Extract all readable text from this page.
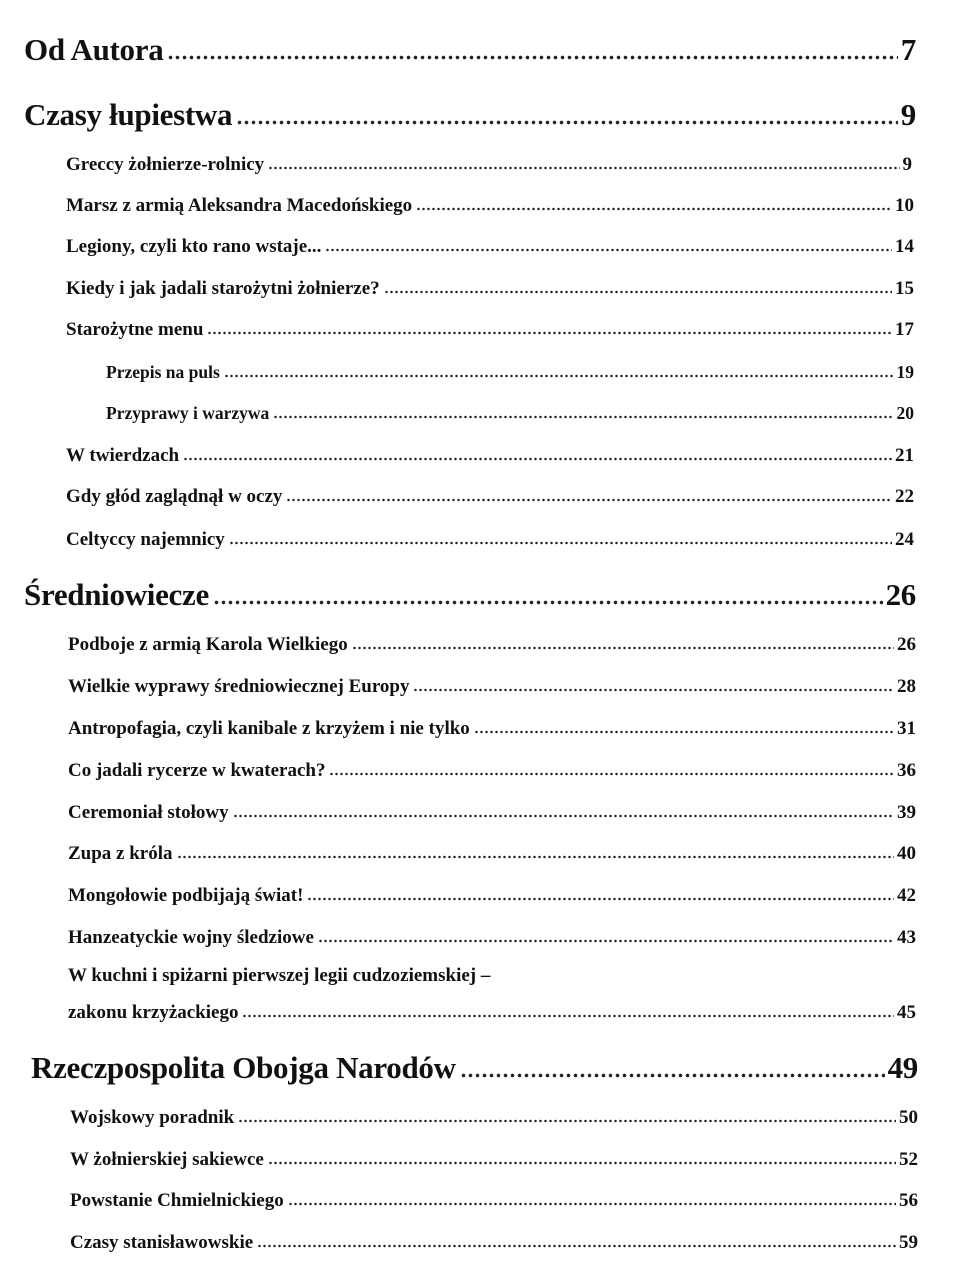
Od Autora	7
Czasy łupiestwa	9
Greccy żołnierze-rolnicy	9
Marsz z armią Aleksandra Macedońskiego	10
Legiony, czyli kto rano wstaje...	14
Kiedy i jak jadali starożytni żołnierze?	15
Starożytne menu	17
Przepis na puls	19
Przyprawy i warzywa	20
W twierdzach	21
Gdy głód zaglądnął w oczy	22
Celtyccy najemnicy	24
Średniowiecze	26
Podboje z armią Karola Wielkiego	26
Wielkie wyprawy średniowiecznej Europy	28
Antropofagia, czyli kanibale z krzyżem i nie tylko	31
Co jadali rycerze w kwaterach?	36
Ceremoniał stołowy	39
Zupa z króla	40
Mongołowie podbijają świat!	42
Hanzeatyckie wojny śledziowe	43
W kuchni i spiżarni pierwszej legii cudzoziemskiej –
zakonu krzyżackiego	45
Rzeczpospolita Obojga Narodów	49
Wojskowy poradnik	50
W żołnierskiej sakiewce	52
Powstanie Chmielnickiego	56
Czasy stanisławowskie	59
